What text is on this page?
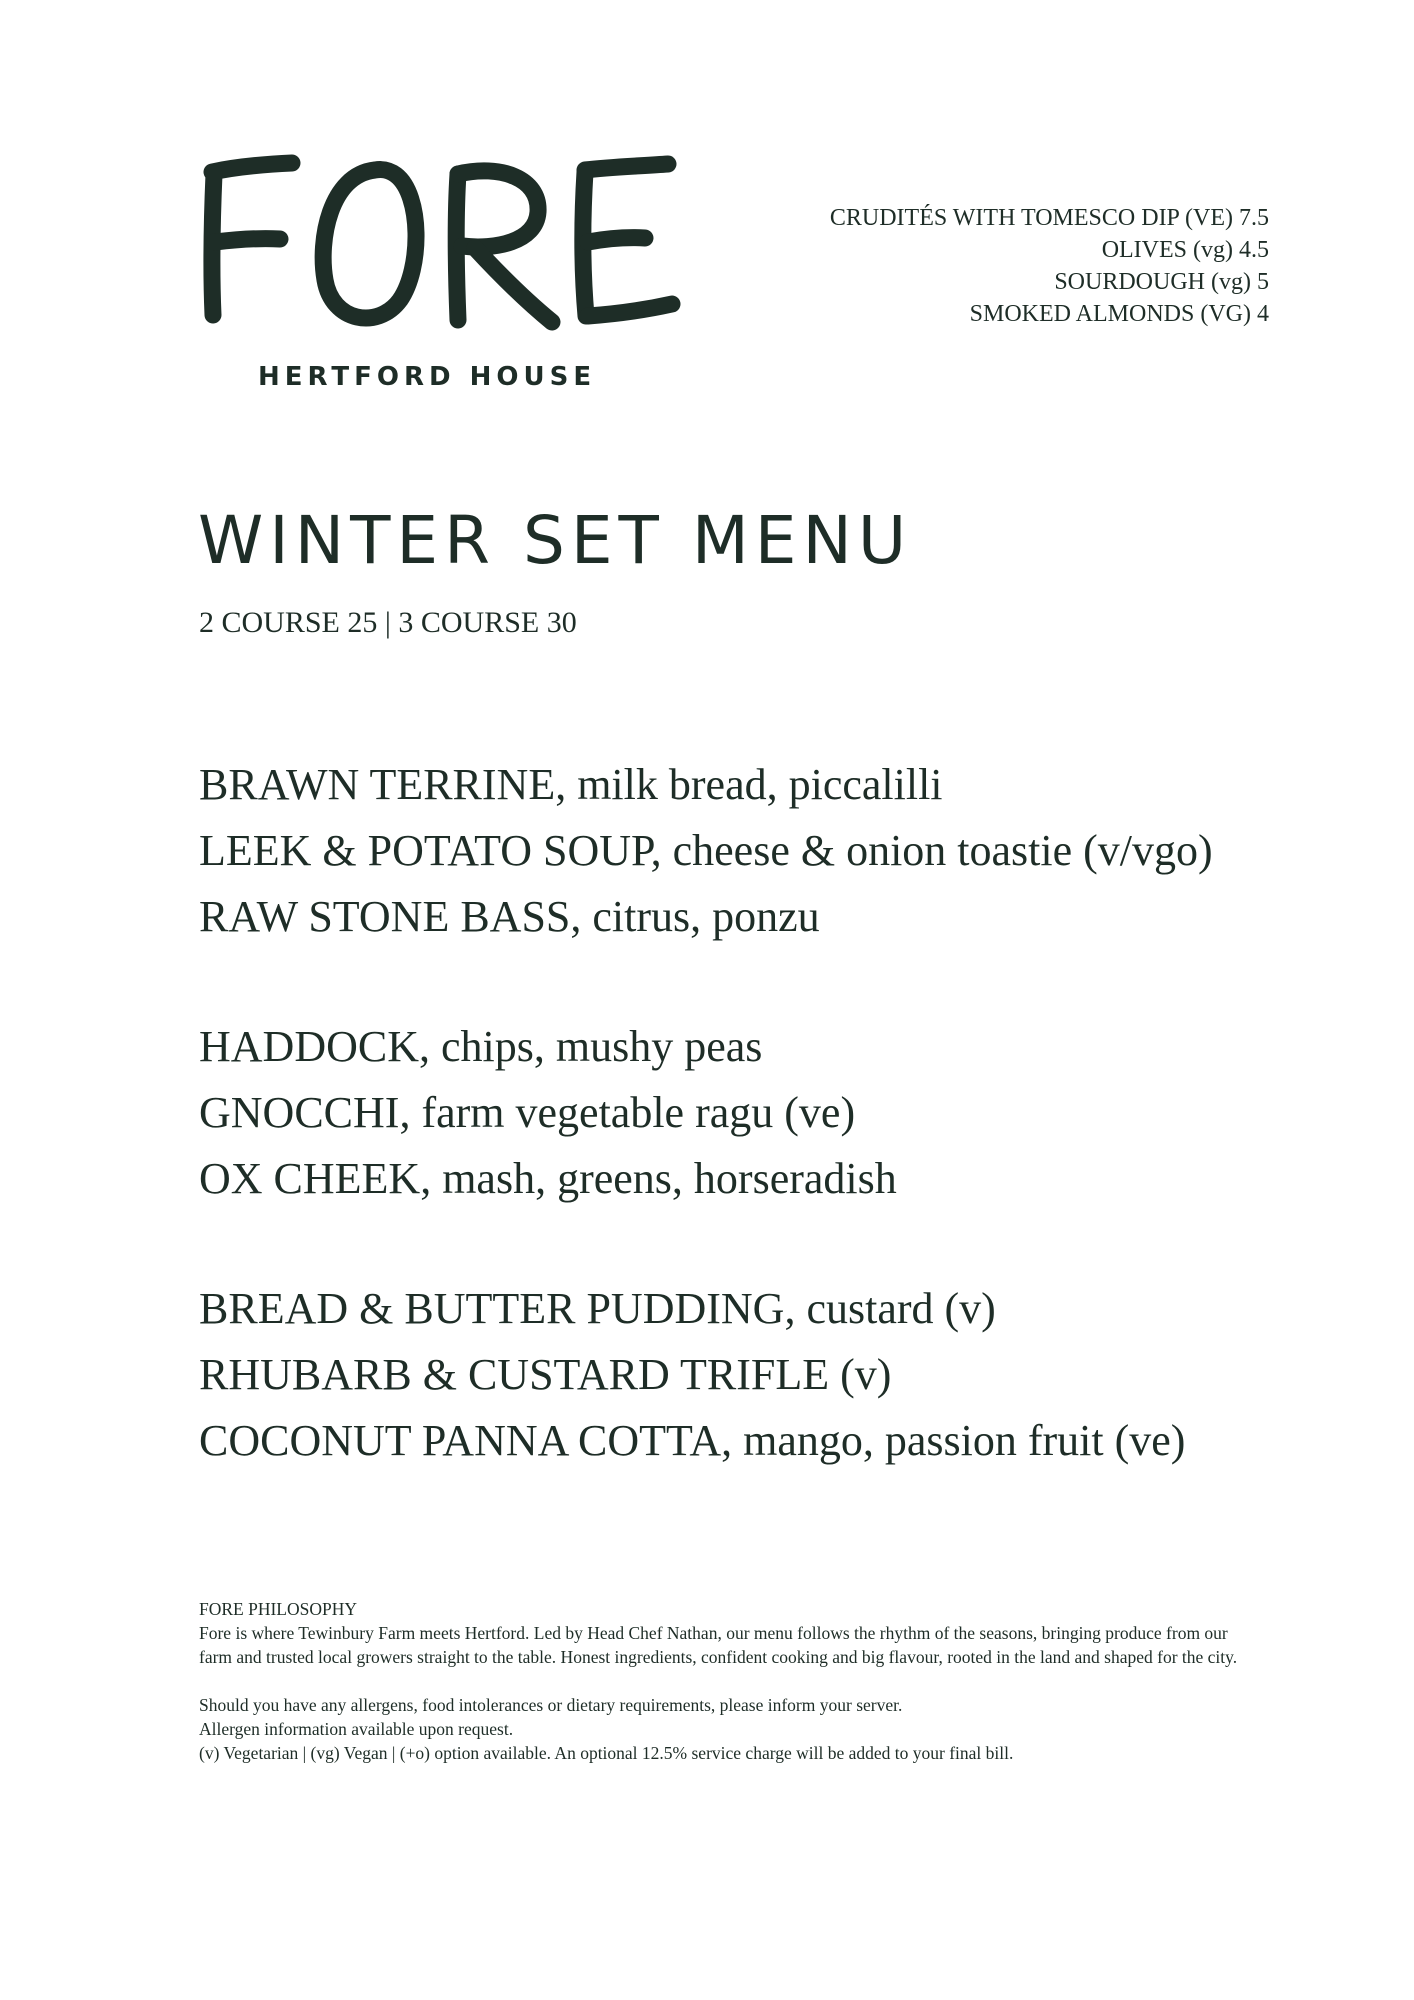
HERTFORD HOUSE
CRUDITÉS WITH TOMESCO DIP (VE) 7.5
OLIVES (vg) 4.5
SOURDOUGH (vg) 5
SMOKED ALMONDS (VG) 4
WINTER SET MENU
2 COURSE 25 | 3 COURSE 30
BRAWN TERRINE, milk bread, piccalilli
LEEK & POTATO SOUP, cheese & onion toastie (v/vgo)
RAW STONE BASS, citrus, ponzu
HADDOCK, chips, mushy peas
GNOCCHI, farm vegetable ragu (ve)
OX CHEEK, mash, greens, horseradish
BREAD & BUTTER PUDDING, custard (v)
RHUBARB & CUSTARD TRIFLE (v)
COCONUT PANNA COTTA, mango, passion fruit (ve)
FORE PHILOSOPHY
Fore is where Tewinbury Farm meets Hertford. Led by Head Chef Nathan, our menu follows the rhythm of the seasons, bringing produce from our farm and trusted local growers straight to the table. Honest ingredients, confident cooking and big flavour, rooted in the land and shaped for the city.
Should you have any allergens, food intolerances or dietary requirements, please inform your server.
Allergen information available upon request.
(v) Vegetarian | (vg) Vegan | (+o) option available. An optional 12.5% service charge will be added to your final bill.
